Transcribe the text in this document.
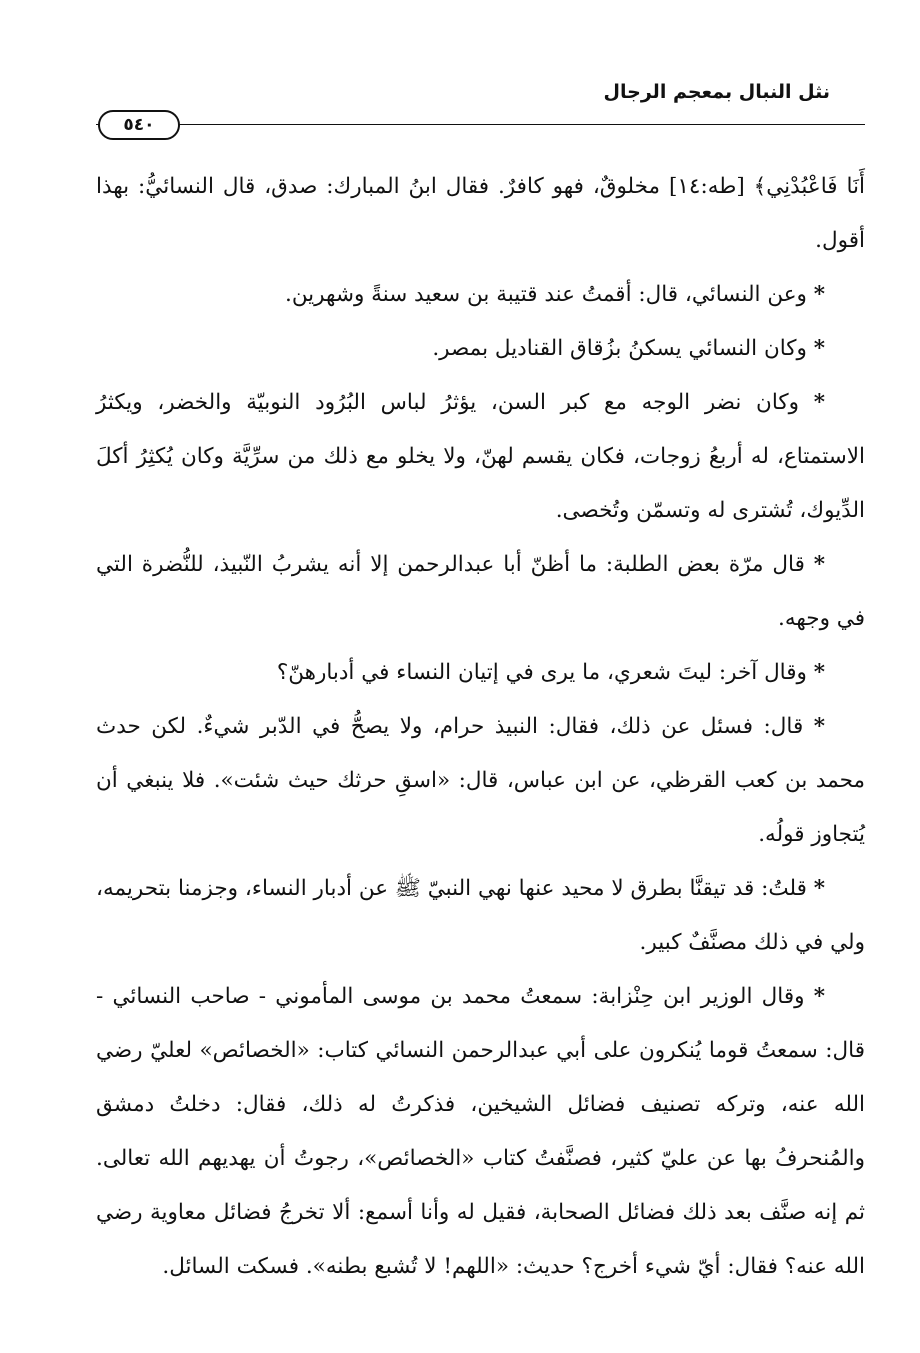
نثل النبال بمعجم الرجال
٥٤٠

أَنَا فَاعْبُدْنِي﴾ [طه:١٤] مخلوقٌ، فهو كافرٌ. فقال ابنُ المبارك: صدق، قال النسائيُّ: بهذا أقول.

* وعن النسائي، قال: أقمتُ عند قتيبة بن سعيد سنةً وشهرين.

* وكان النسائي يسكنُ بزُقاق القناديل بمصر.

* وكان نضر الوجه مع كبر السن، يؤثرُ لباس البُرُود النوبيّة والخضر، ويكثرُ الاستمتاع، له أربعُ زوجات، فكان يقسم لهنّ، ولا يخلو مع ذلك من سرِّيَّة وكان يُكثِرُ أكلَ الدِّيوك، تُشترى له وتسمّن وتُخصى.

* قال مرّة بعض الطلبة: ما أظنّ أبا عبدالرحمن إلا أنه يشربُ النّبيذ، للنُّضرة التي في وجهه.

* وقال آخر: ليتَ شعري، ما يرى في إتيان النساء في أدبارهنّ؟

* قال: فسئل عن ذلك، فقال: النبيذ حرام، ولا يصحُّ في الدّبر شيءٌ. لكن حدث محمد بن كعب القرظي، عن ابن عباس، قال: «اسقِ حرثك حيث شئت». فلا ينبغي أن يُتجاوز قولُه.

* قلتُ: قد تيقنَّا بطرق لا محيد عنها نهي النبيّ ﷺ عن أدبار النساء، وجزمنا بتحريمه، ولي في ذلك مصنَّفٌ كبير.

* وقال الوزير ابن حِنْزابة: سمعتُ محمد بن موسى المأموني - صاحب النسائي - قال: سمعتُ قوما يُنكرون على أبي عبدالرحمن النسائي كتاب: «الخصائص» لعليّ رضي الله عنه، وتركه تصنيف فضائل الشيخين، فذكرتُ له ذلك، فقال: دخلتُ دمشق والمُنحرفُ بها عن عليّ كثير، فصنَّفتُ كتاب «الخصائص»، رجوتُ أن يهديهم الله تعالى. ثم إنه صنَّف بعد ذلك فضائل الصحابة، فقيل له وأنا أسمع: ألا تخرجُ فضائل معاوية رضي الله عنه؟ فقال: أيّ شيء أخرج؟ حديث: «اللهم! لا تُشبع بطنه». فسكت السائل.
